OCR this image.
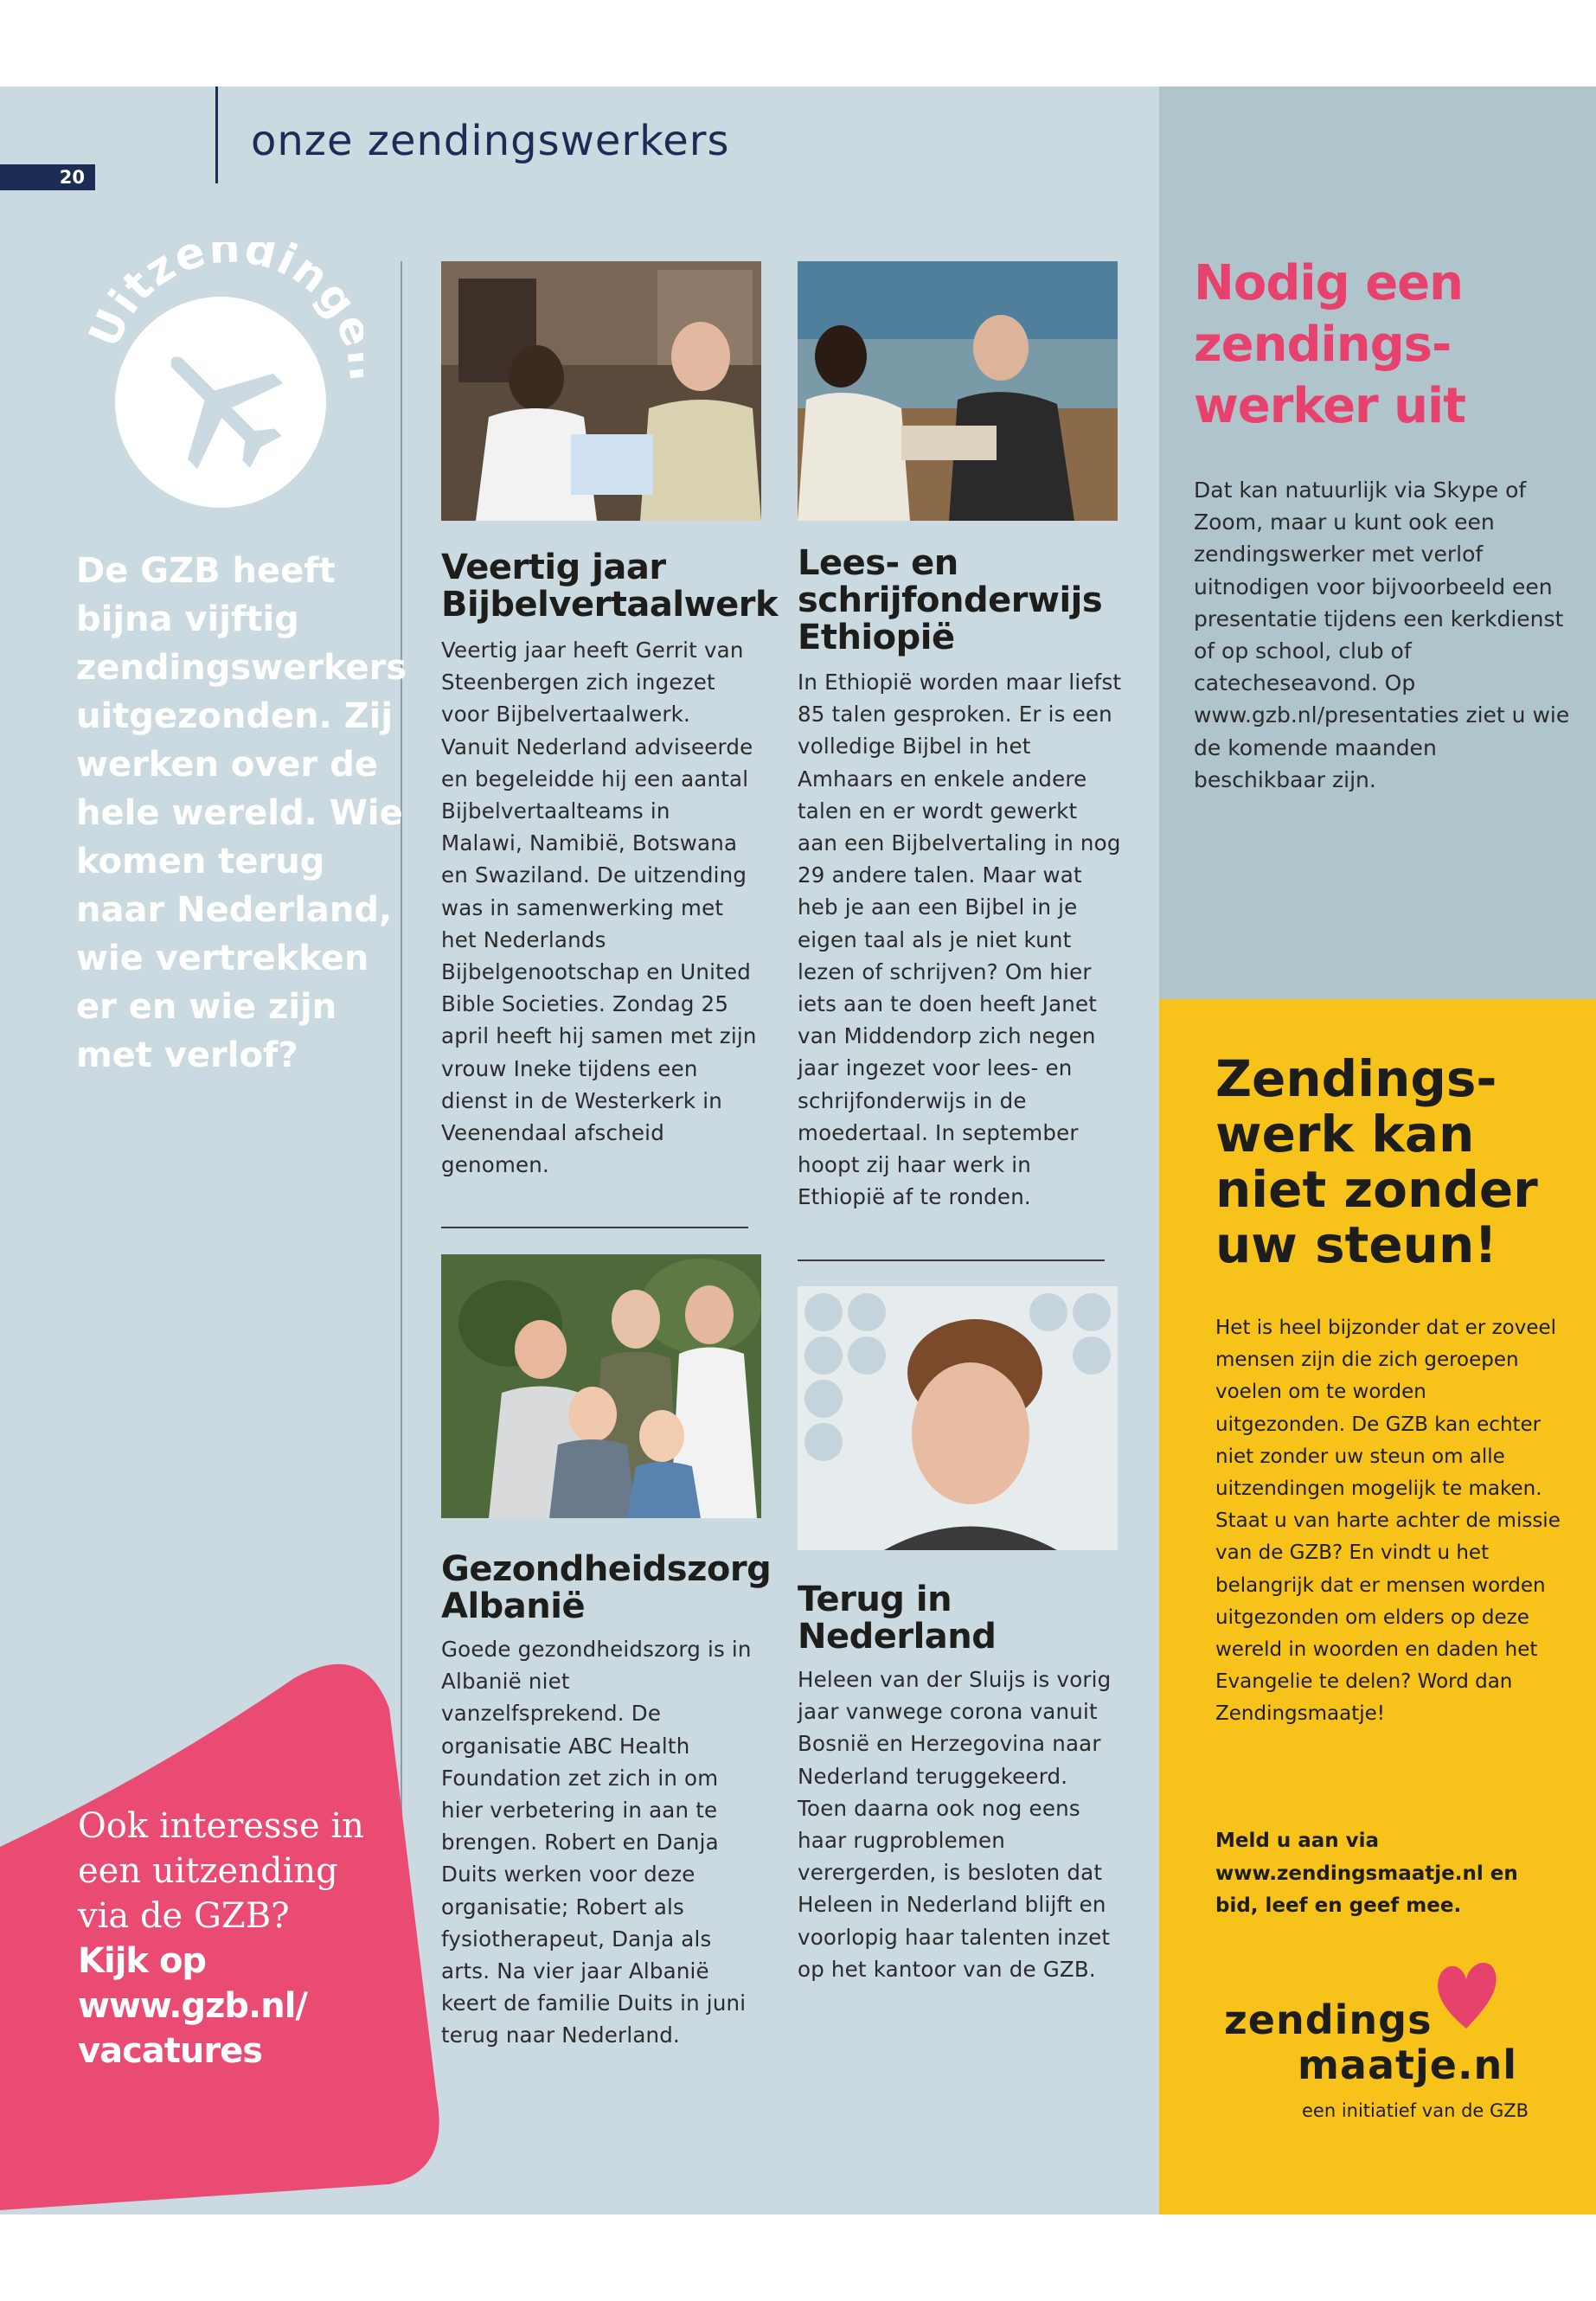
20
onze zendingswerkers
itzending
De GZB heeft bijna vijftig zendingswerkers uitgezonden. Zij werken over de hele wereld. Wie komen terug naar Nederland, wie vertrekken er en wie zijn met verlof?
Veertig jaar Bijbelvertaalwerk
Veertig jaar heeft Gerrit van Steenbergen zich ingezet voor Bijbelvertaalwerk. Vanuit Nederland adviseerde en begeleidde hij een aantal Bijbelvertaalteams in Malawi, Namibië, Botswana en Swaziland. De uitzending was in samenwerking met het Nederlands Bijbelgenootschap en United Bible Societies. Zondag 25 april heeft hij samen met zijn vrouw Ineke tijdens een dienst in de Westerkerk in Veenendaal afscheid genomen.
Lees- en schrijfonderwijs Ethiopië
In Ethiopië worden maar liefst 85 talen gesproken. Er is een volledige Bijbel in het Amhaars en enkele andere talen en er wordt gewerkt aan een Bijbelvertaling in nog 29 andere talen. Maar wat heb je aan een Bijbel in je eigen taal als je niet kunt lezen of schrijven? Om hier iets aan te doen heeft Janet van Middendorp zich negen jaar ingezet voor lees- en schrijfonderwijs in de moedertaal. In september hoopt zij haar werk in Ethiopië af te ronden.
Gezondheidszorg Albanië
Goede gezondheidszorg is in Albanië niet vanzelfsprekend. De organisatie ABC Health Foundation zet zich in om hier verbetering in aan te brengen. Robert en Danja Duits werken voor deze organisatie; Robert als fysiotherapeut, Danja als arts. Na vier jaar Albanië keert de familie Duits in juni terug naar Nederland.
Terug in Nederland
Heleen van der Sluijs is vorig jaar vanwege corona vanuit Bosnië en Herzegovina naar Nederland teruggekeerd. Toen daarna ook nog eens haar rugproblemen verergerden, is besloten dat Heleen in Nederland blijft en voorlopig haar talenten inzet op het kantoor van de GZB.
Nodig een zendings-werker uit
Dat kan natuurlijk via Skype of Zoom, maar u kunt ook een zendingswerker met verlof uitnodigen voor bijvoorbeeld een presentatie tijdens een kerkdienst of op school, club of catecheseavond. Op www.gzb.nl/presentaties ziet u wie de komende maanden beschikbaar zijn.
Zendings-werk kan niet zonder uw steun!
Het is heel bijzonder dat er zoveel mensen zijn die zich geroepen voelen om te worden uitgezonden. De GZB kan echter niet zonder uw steun om alle uitzendingen mogelijk te maken. Staat u van harte achter de missie van de GZB? En vindt u het belangrijk dat er mensen worden uitgezonden om elders op deze wereld in woorden en daden het Evangelie te delen? Word dan Zendingsmaatje!
Meld u aan via www.zendingsmaatje.nl en bid, leef en geef mee.
zendings
maatje.nl
een initiatief van de GZB
Ook interesse in een uitzending via de GZB?
Kijk op
www.gzb.nl/
vacatures
